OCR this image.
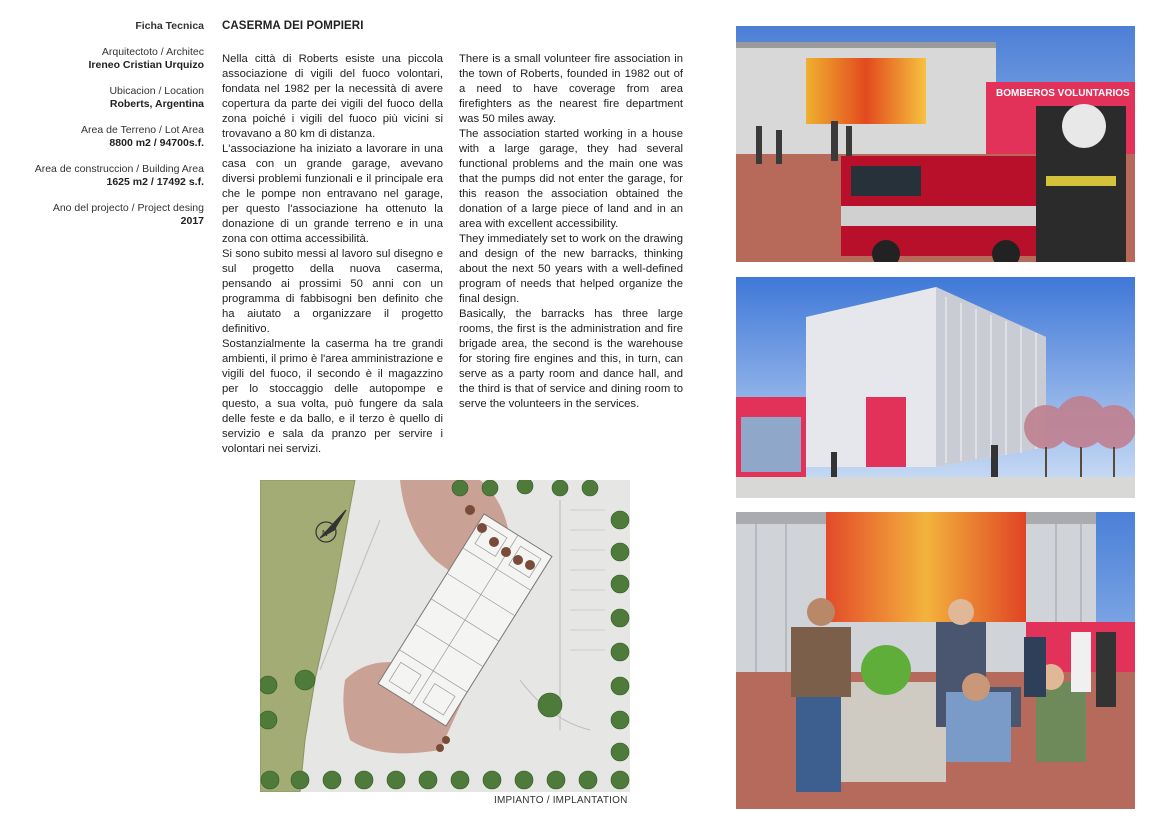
Ficha Tecnica
Arquitectoto / Architec
Ireneo Cristian Urquizo
Ubicacion / Location
Roberts, Argentina
Area de Terreno / Lot Area
8800 m2 / 94700s.f.
Area de construccion / Building Area
1625 m2 / 17492 s.f.
Ano del projecto / Project desing
2017
CASERMA DEI POMPIERI

Nella città di Roberts esiste una piccola associazione di vigili del fuoco volontari, fondata nel 1982 per la necessità di avere copertura da parte dei vigili del fuoco della zona poiché i vigili del fuoco più vicini si trovavano a 80 km di distanza.

L'associazione ha iniziato a lavorare in una casa con un grande garage, avevano diversi problemi funzionali e il principale era che le pompe non entravano nel garage, per questo l'associazione ha ottenuto la donazione di un grande terreno e in una zona con ottima accessibilità.

Si sono subito messi al lavoro sul disegno e sul progetto della nuova caserma, pensando ai prossimi 50 anni con un programma di fabbisogni ben definito che ha aiutato a organizzare il progetto definitivo.

Sostanzialmente la caserma ha tre grandi ambienti, il primo è l'area amministrazione e vigili del fuoco, il secondo è il magazzino per lo stoccaggio delle autopompe e questo, a sua volta, può fungere da sala delle feste e da ballo, e il terzo è quello di servizio e sala da pranzo per servire i volontari nei servizi.

There is a small volunteer fire association in the town of Roberts, founded in 1982 out of a need to have coverage from area firefighters as the nearest fire department was 50 miles away.

The association started working in a house with a large garage, they had several functional problems and the main one was that the pumps did not enter the garage, for this reason the association obtained the donation of a large piece of land and in an area with excellent accessibility.

They immediately set to work on the drawing and design of the new barracks, thinking about the next 50 years with a well-defined program of needs that helped organize the final design.

Basically, the barracks has three large rooms, the first is the administration and fire brigade area, the second is the warehouse for storing fire engines and this, in turn, can serve as a party room and dance hall, and the third is that of service and dining room to serve the volunteers in the services.

N
IMPIANTO / IMPLANTATION
BOMBEROS VOLUNTARIOS
